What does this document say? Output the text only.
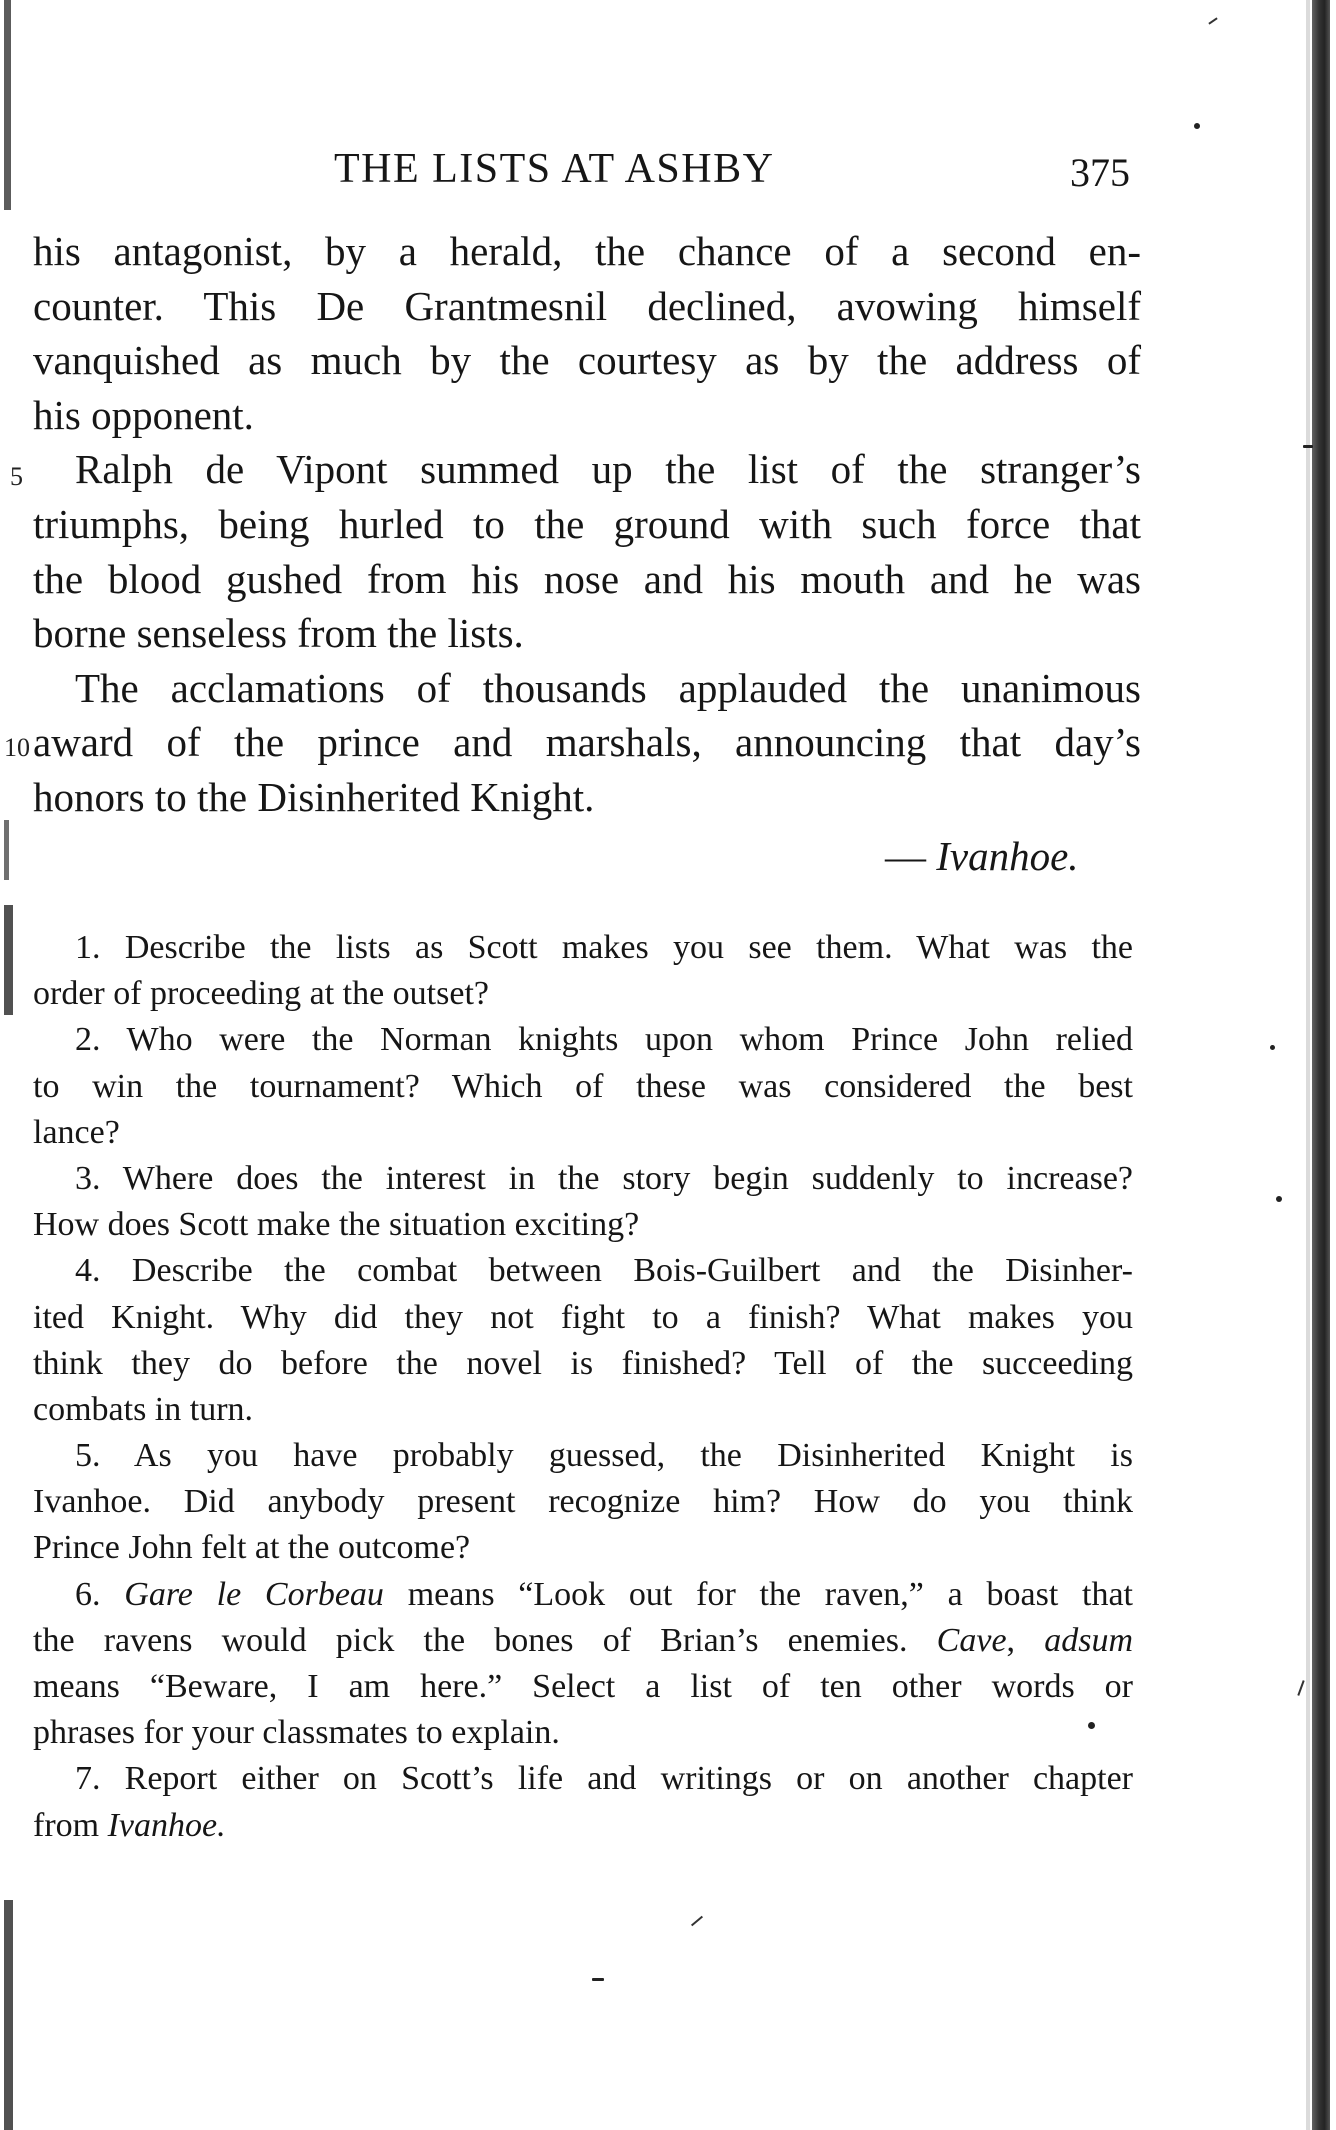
THE LISTS AT ASHBY	375
his antagonist, by a herald, the chance of a second en-
counter. This De Grantmesnil declined, avowing himself
vanquished as much by the courtesy as by the address of
his opponent.
Ralph de Vipont summed up the list of the stranger’s
triumphs, being hurled to the ground with such force that
the blood gushed from his nose and his mouth and he was
borne senseless from the lists.
The acclamations of thousands applauded the unanimous
award of the prince and marshals, announcing that day’s
honors to the Disinherited Knight.
5
10
— Ivanhoe.
1. Describe the lists as Scott makes you see them. What was the
order of proceeding at the outset?
2. Who were the Norman knights upon whom Prince John relied
to win the tournament? Which of these was considered the best
lance?
3. Where does the interest in the story begin suddenly to increase?
How does Scott make the situation exciting?
4. Describe the combat between Bois-Guilbert and the Disinher-
ited Knight. Why did they not fight to a finish? What makes you
think they do before the novel is finished? Tell of the succeeding
combats in turn.
5. As you have probably guessed, the Disinherited Knight is
Ivanhoe. Did anybody present recognize him? How do you think
Prince John felt at the outcome?
6. Gare le Corbeau means “Look out for the raven,” a boast that
the ravens would pick the bones of Brian’s enemies. Cave, adsum
means “Beware, I am here.” Select a list of ten other words or
phrases for your classmates to explain.
7. Report either on Scott’s life and writings or on another chapter
from Ivanhoe.
